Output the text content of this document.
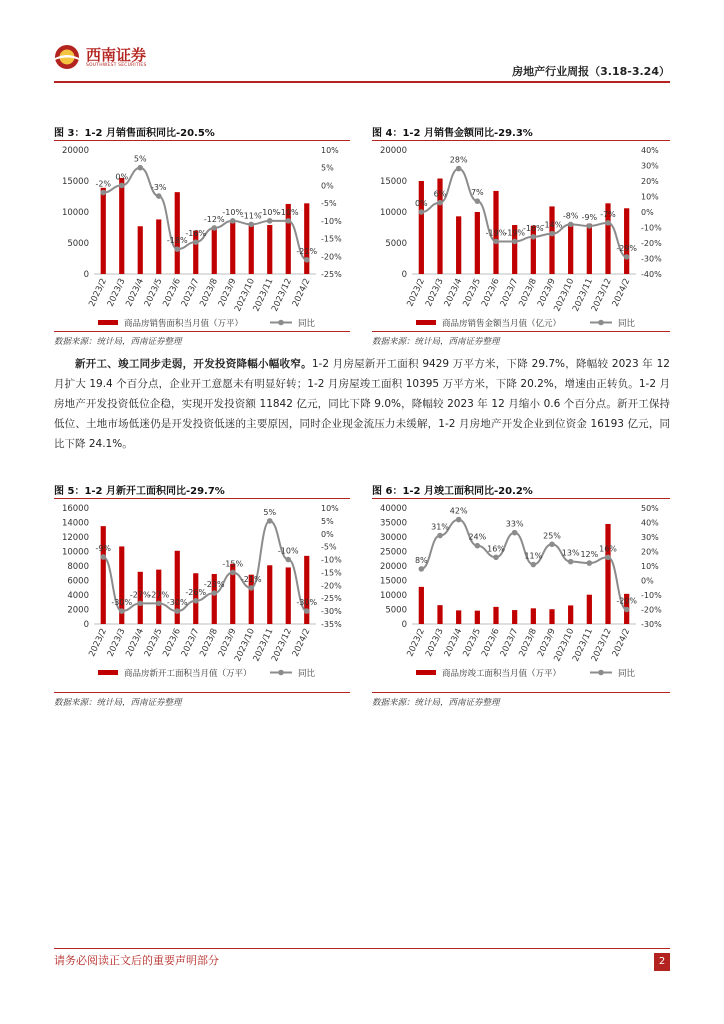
西南证券
SOUTHWEST SECURITIES	房地产行业周报（3.18-3.24）
图 3：1-2 月销售面积同比-20.5%
0
5000
10000
15000
20000
-25%
-20%
-15%
-10%
-5%
0%
5%
10%
-2%
0%
5%
-3%
-18%
-16%
-12%
-10%
-11%
-10%
-10%
-21%
2023/2
2023/3
2023/4
2023/5
2023/6
2023/7
2023/8
2023/9
2023/10
2023/11
2023/12
2024/2
商品房销售面积当月值（万平）	同比
数据来源：统计局，西南证券整理
图 4：1-2 月销售金额同比-29.3%
0
5000
10000
15000
20000
-40%
-30%
-20%
-10%
0%
10%
20%
30%
40%
0%
6%
28%
7%
-19%
-19%
-16%
-14%
-8% -9% -7%
-29%
2023/2
2023/3
2023/4
2023/5
2023/6
2023/7
2023/8
2023/9
2023/10
2023/11
2023/12
2024/2
商品房销售金额当月值（亿元）	同比
数据来源：统计局，西南证券整理
新开工、竣工同步走弱，开发投资降幅小幅收窄。1-2 月房屋新开工面积 9429 万平方米，下降 29.7%，降幅较 2023 年 12 月扩大 19.4 个百分点，企业开工意愿未有明显好转；1-2 月房屋竣工面积 10395 万平方米，下降 20.2%，增速由正转负。1-2 月房地产开发投资低位企稳，实现开发投资额 11842 亿元，同比下降 9.0%，降幅较 2023 年 12 月缩小 0.6 个百分点。新开工保持低位、土地市场低迷仍是开发投资低迷的主要原因，同时企业现金流压力未缓解，1-2 月房地产开发企业到位资金 16193 亿元，同比下降 24.1%。
图 5：1-2 月新开工面积同比-29.7%
0
2000
4000
6000
8000
10000
12000
14000
16000
-35%
-30%
-25%
-20%
-15%
-10%
-5%
0%
5%
10%
-9%
-30%
-27%
-27%
-30%
-26%
-23%
-15%
-21%
5%
-10%
-30%
2023/2
2023/3
2023/4
2023/5
2023/6
2023/7
2023/8
2023/9
2023/10
2023/11
2023/12
2024/2
商品房新开工面积当月值（万平）	同比
数据来源：统计局，西南证券整理
图 6：1-2 月竣工面积同比-20.2%
0
5000
10000
15000
20000
25000
30000
35000
40000
-30%
-20%
-10%
0%
10%
20%
30%
40%
50%
8%
31%
42%
24%
16%
33%
11%
25%
13% 12%
16%
-20%
2023/2
2023/3
2023/4
2023/5
2023/6
2023/7
2023/8
2023/9
2023/10
2023/11
2023/12
2024/2
商品房竣工面积当月值（万平）	同比
数据来源：统计局，西南证券整理
请务必阅读正文后的重要声明部分	2
